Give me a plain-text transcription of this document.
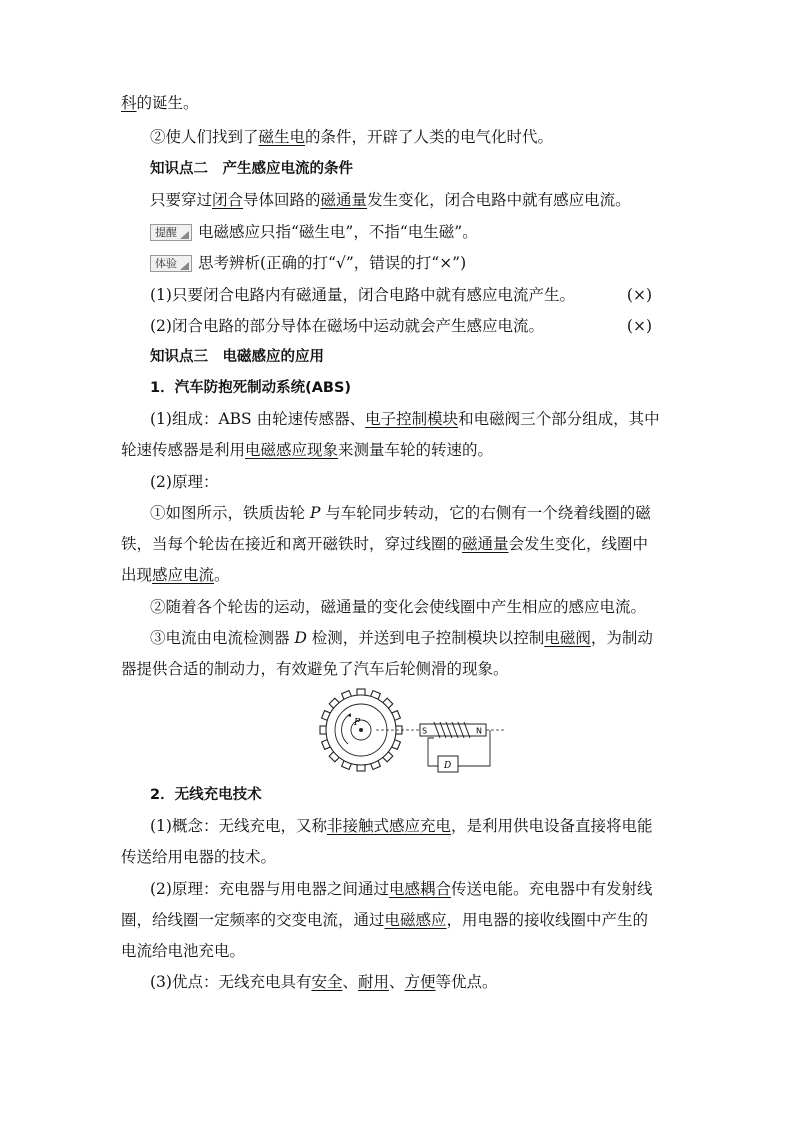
科的诞生。
②使人们找到了磁生电的条件，开辟了人类的电气化时代。
知识点二　产生感应电流的条件
只要穿过闭合导体回路的磁通量发生变化，闭合电路中就有感应电流。
提醒 电磁感应只指“磁生电”，不指“电生磁”。
体验 思考辨析(正确的打“√”，错误的打“×”)
(1)只要闭合电路内有磁通量，闭合电路中就有感应电流产生。	(×)
(2)闭合电路的部分导体在磁场中运动就会产生感应电流。	(×)
知识点三　电磁感应的应用
1．汽车防抱死制动系统(ABS)
(1)组成：ABS 由轮速传感器、电子控制模块和电磁阀三个部分组成，其中
轮速传感器是利用电磁感应现象来测量车轮的转速的。
(2)原理：
①如图所示，铁质齿轮 P 与车轮同步转动，它的右侧有一个绕着线圈的磁
铁，当每个轮齿在接近和离开磁铁时，穿过线圈的磁通量会发生变化，线圈中
出现感应电流。
②随着各个轮齿的运动，磁通量的变化会使线圈中产生相应的感应电流。
③电流由电流检测器 D 检测，并送到电子控制模块以控制电磁阀，为制动
器提供合适的制动力，有效避免了汽车后轮侧滑的现象。
P
S	N
D
2．无线充电技术
(1)概念：无线充电，又称非接触式感应充电，是利用供电设备直接将电能
传送给用电器的技术。
(2)原理：充电器与用电器之间通过电感耦合传送电能。充电器中有发射线
圈，给线圈一定频率的交变电流，通过电磁感应，用电器的接收线圈中产生的
电流给电池充电。
(3)优点：无线充电具有安全、耐用、方便等优点。
